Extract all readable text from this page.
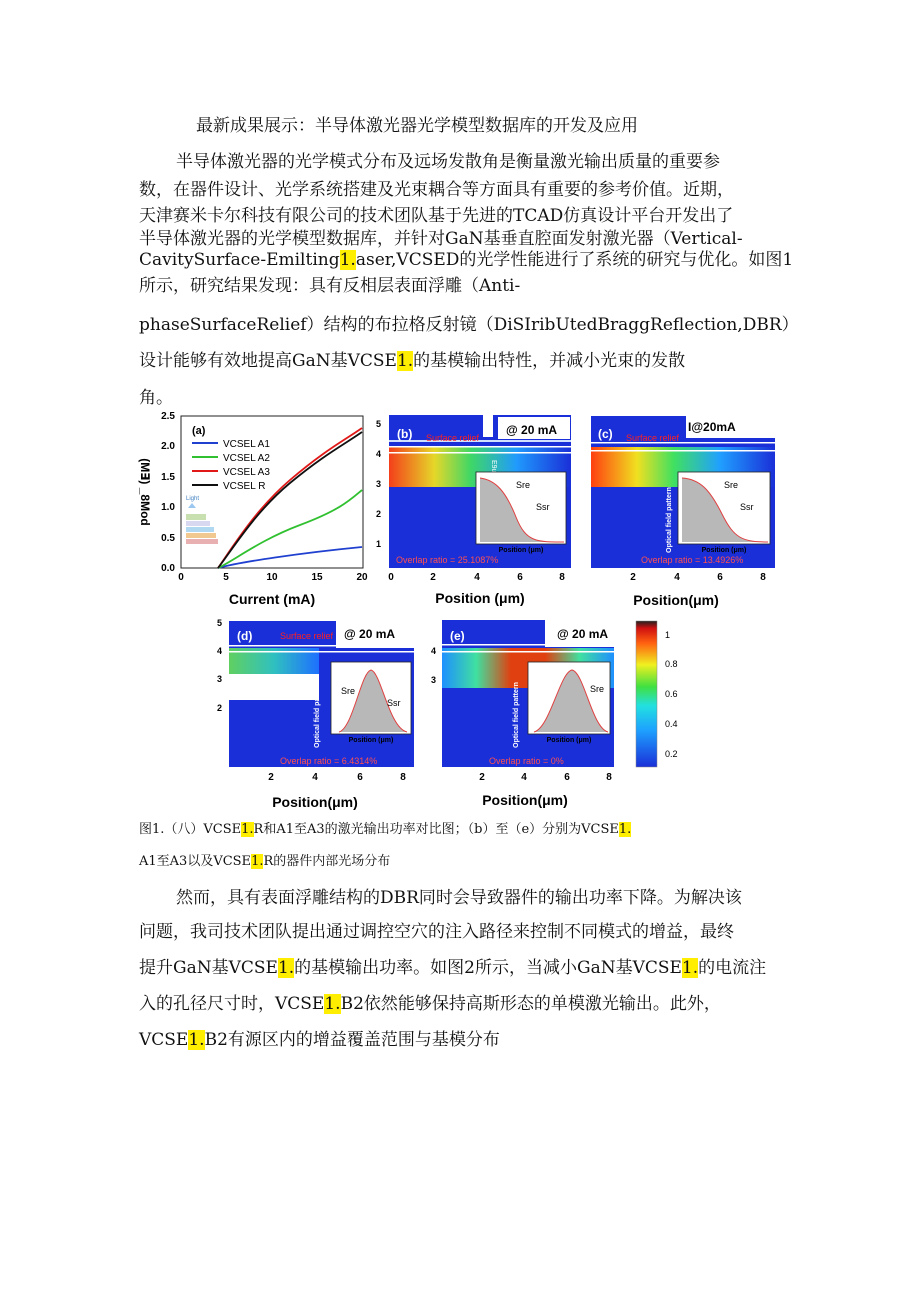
最新成果展示：半导体激光器光学模型数据库的开发及应用
半导体激光器的光学模式分布及远场发散角是衡量激光输出质量的重要参
数，在器件设计、光学系统搭建及光束耦合等方面具有重要的参考价值。近期，
天津赛米卡尔科技有限公司的技术团队基于先进的TCAD仿真设计平台开发出了
半导体激光器的光学模型数据库，并针对GaN基垂直腔面发射激光器（Vertical-
CavitySurface-Emilting1.aser,VCSED的光学性能进行了系统的研究与优化。如图1
所示，研究结果发现：具有反相层表面浮雕（Anti-
phaseSurfaceRelief）结构的布拉格反射镜（DiSIribUtedBraggReflection,DBR）
设计能够有效地提高GaN基VCSE1.的基模输出特性，并减小光束的发散
角。
(a)
0.0
0.5
1.0
1.5
2.0
2.5
0	5	10	15	20
Current (mA)
(M∃) _8Mod
VCSEL A1
VCSEL A2
VCSEL A3
VCSEL R
Light
(b) Surface relief
@ 20 mA
Sre
Ssr
Position (μm)
Overlap ratio = 25.1087%
5
4
3
2
1
0	2	4	6	8
Position (μm)
(c) Surface relief
I@20mA
Sre
Ssr
Position (μm)
Optical field pattern
Overlap ratio = 13.4926%
2	4	6	8
Position(μm)
(d)	Surface relief @ 20 mA
Sre
Ssr
Position (μm)
Optical field pattern
Overlap ratio = 6.4314%
5
4
3
2
2	4	6	8
Position(μm)
(e)	@ 20 mA
Sre
Position (μm)
Optical field pattern
Overlap ratio = 0%
4
3
2	4	6	8
Position(μm)
1
0.8
0.6
0.4
0.2
图1.（八）VCSE1.R和A1至A3的激光输出功率对比图；（b）至（e）分别为VCSE1.
A1至A3以及VCSE1.R的器件内部光场分布
然而，具有表面浮雕结构的DBR同时会导致器件的输出功率下降。为解决该
问题，我司技术团队提出通过调控空穴的注入路径来控制不同模式的增益，最终
提升GaN基VCSE1.的基模输出功率。如图2所示，当减小GaN基VCSE1.的电流注
入的孔径尺寸时，VCSE1.B2依然能够保持高斯形态的单模激光输出。此外，
VCSE1.B2有源区内的增益覆盖范围与基模分布
